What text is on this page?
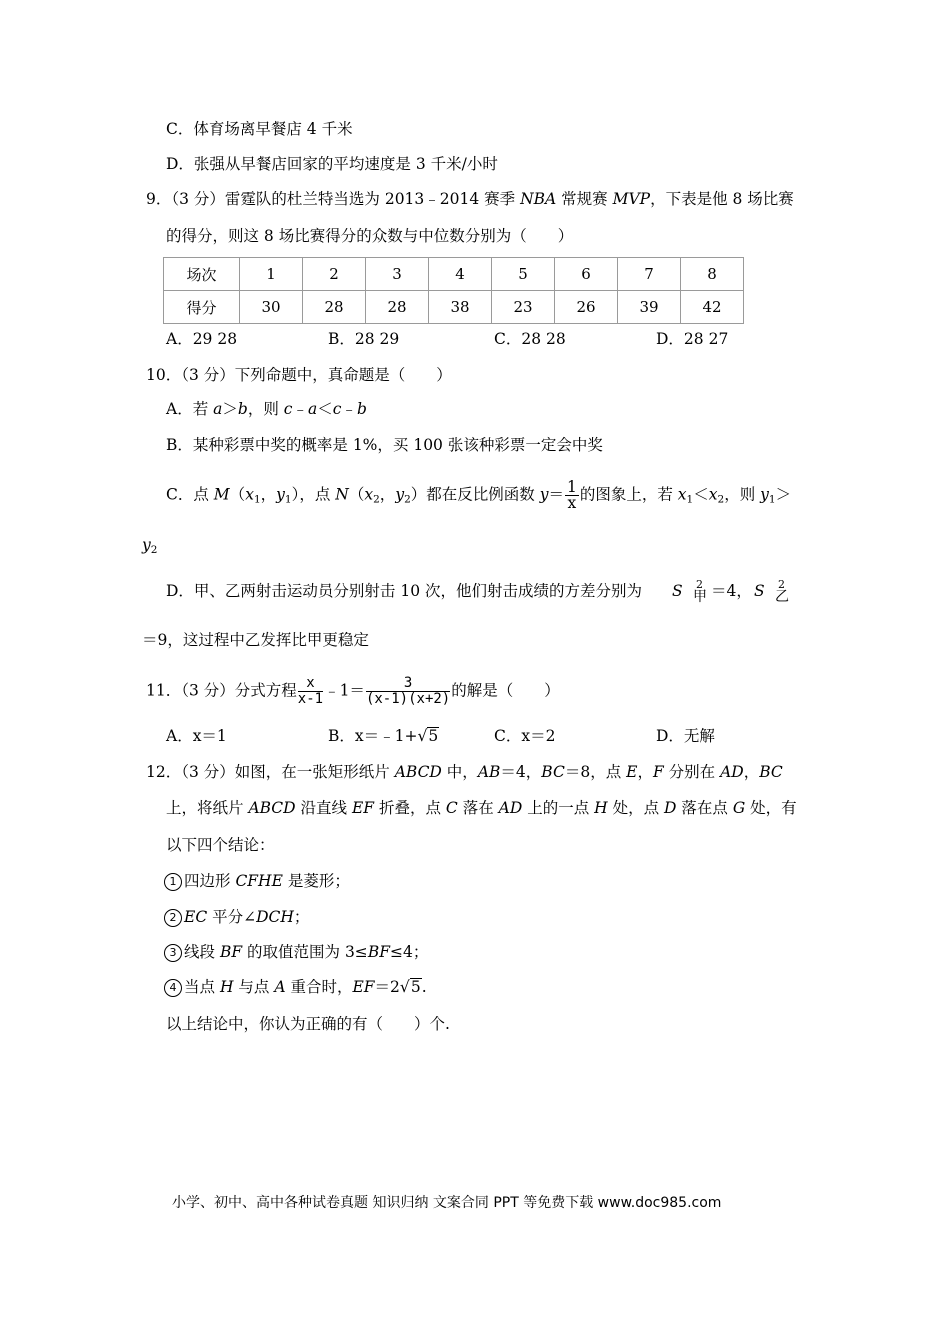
C．体育场离早餐店 4 千米
D．张强从早餐店回家的平均速度是 3 千米/小时
9．（3 分）雷霆队的杜兰特当选为 2013﹣2014 赛季 NBA 常规赛 MVP，下表是他 8 场比赛
的得分，则这 8 场比赛得分的众数与中位数分别为（　　）
场次	1	2	3	4	5	6	7	8
得分	30	28	28	38	23	26	39	42
A．29 28	B．28 29	C．28 28	D．28 27
10．（3 分）下列命题中，真命题是（　　）
A．若 a＞b，则 c﹣a＜c﹣b
B．某种彩票中奖的概率是 1%，买 100 张该种彩票一定会中奖
C．点 $M(x_1$，$y_1$），点 $N(x_2$，$y_2$）都在反比例函数 $y= \frac{1}{x}$ 的图象上，若 $x_1<x_2$，则 $y_1>$
$y_2$
D．甲、乙两射击运动员分别射击 10 次，他们射击成绩的方差分别为 S 2
甲 ＝4， S 2
乙
＝9，这过程中乙发挥比甲更稳定
11．（3 分）分式方程 $\frac{x}{x-1}$ ﹣1＝ $\frac{3}{(x-1)(x+2)}$ 的解是（　　）
A．x＝1	B．x＝﹣1+√5	C．x＝2	D．无解
12．（3 分）如图，在一张矩形纸片 ABCD 中，AB＝4，BC＝8，点 E，F 分别在 AD，BC
上，将纸片 ABCD 沿直线 EF 折叠，点 C 落在 AD 上的一点 H 处，点 D 落在点 G 处，有
以下四个结论：
1 四边形 CFHE 是菱形；
2 EC 平分∠DCH；
3 线段 BF 的取值范围为 3≤BF≤4；
4 当点 H 与点 A 重合时，EF＝2√5.
以上结论中，你认为正确的有（　　）个.
小学、初中、高中各种试卷真题 知识归纳 文案合同 PPT 等免费下载 www.doc985.com
